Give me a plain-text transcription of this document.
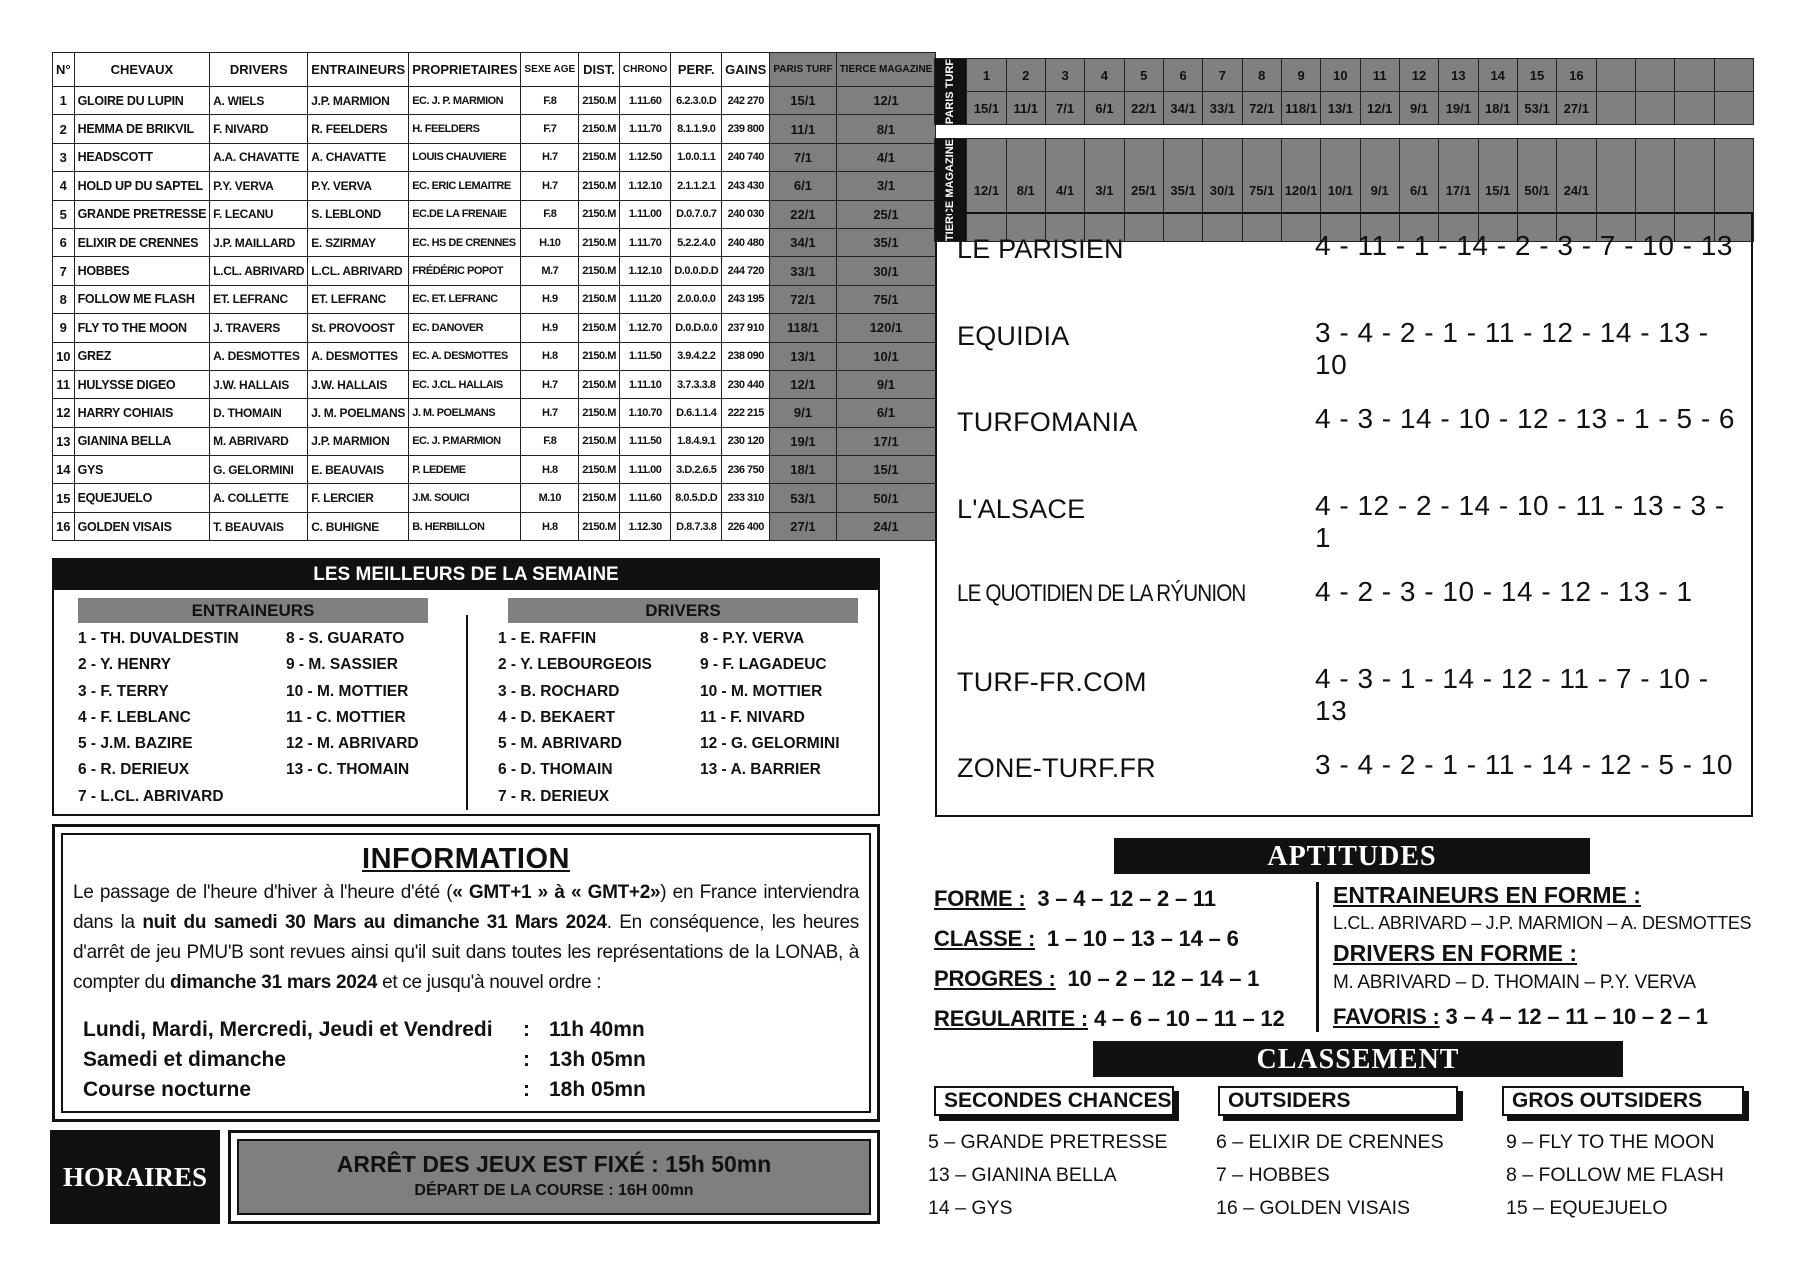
N°	CHEVAUX	DRIVERS	ENTRAINEURS	PROPRIETAIRES	SEXE AGE	DIST.	CHRONO	PERF.	GAINS	PARIS TURF	TIERCE MAGAZINE
1	GLOIRE DU LUPIN	A. WIELS	J.P. MARMION	EC. J. P. MARMION	F.8	2150.M	1.11.60	6.2.3.0.D	242 270	15/1	12/1
2	HEMMA DE BRIKVIL	F. NIVARD	R. FEELDERS	H. FEELDERS	F.7	2150.M	1.11.70	8.1.1.9.0	239 800	11/1	8/1
3	HEADSCOTT	A.A. CHAVATTE	A. CHAVATTE	LOUIS CHAUVIERE	H.7	2150.M	1.12.50	1.0.0.1.1	240 740	7/1	4/1
4	HOLD UP DU SAPTEL	P.Y. VERVA	P.Y. VERVA	EC. ERIC LEMAITRE	H.7	2150.M	1.12.10	2.1.1.2.1	243 430	6/1	3/1
5	GRANDE PRETRESSE	F. LECANU	S. LEBLOND	EC.DE LA FRENAIE	F.8	2150.M	1.11.00	D.0.7.0.7	240 030	22/1	25/1
6	ELIXIR DE CRENNES	J.P. MAILLARD	E. SZIRMAY	EC. HS DE CRENNES	H.10	2150.M	1.11.70	5.2.2.4.0	240 480	34/1	35/1
7	HOBBES	L.CL. ABRIVARD	L.CL. ABRIVARD	FRÉDÉRIC POPOT	M.7	2150.M	1.12.10	D.0.0.D.D	244 720	33/1	30/1
8	FOLLOW ME FLASH	ET. LEFRANC	ET. LEFRANC	EC. ET. LEFRANC	H.9	2150.M	1.11.20	2.0.0.0.0	243 195	72/1	75/1
9	FLY TO THE MOON	J. TRAVERS	St. PROVOOST	EC. DANOVER	H.9	2150.M	1.12.70	D.0.D.0.0	237 910	118/1	120/1
10	GREZ	A. DESMOTTES	A. DESMOTTES	EC. A. DESMOTTES	H.8	2150.M	1.11.50	3.9.4.2.2	238 090	13/1	10/1
11	HULYSSE DIGEO	J.W. HALLAIS	J.W. HALLAIS	EC. J.CL. HALLAIS	H.7	2150.M	1.11.10	3.7.3.3.8	230 440	12/1	9/1
12	HARRY COHIAIS	D. THOMAIN	J. M. POELMANS	J. M. POELMANS	H.7	2150.M	1.10.70	D.6.1.1.4	222 215	9/1	6/1
13	GIANINA BELLA	M. ABRIVARD	J.P. MARMION	EC. J. P.MARMION	F.8	2150.M	1.11.50	1.8.4.9.1	230 120	19/1	17/1
14	GYS	G. GELORMINI	E. BEAUVAIS	P. LEDEME	H.8	2150.M	1.11.00	3.D.2.6.5	236 750	18/1	15/1
15	EQUEJUELO	A. COLLETTE	F. LERCIER	J.M. SOUICI	M.10	2150.M	1.11.60	8.0.5.D.D	233 310	53/1	50/1
16	GOLDEN VISAIS	T. BEAUVAIS	C. BUHIGNE	B. HERBILLON	H.8	2150.M	1.12.30	D.8.7.3.8	226 400	27/1	24/1
LES MEILLEURS DE LA SEMAINE
ENTRAINEURS
1 - TH. DUVALDESTIN
2 - Y. HENRY
3 - F. TERRY
4 - F. LEBLANC
5 - J.M. BAZIRE
6 - R. DERIEUX
7 - L.CL. ABRIVARD
8 - S. GUARATO
9 - M. SASSIER
10 - M. MOTTIER
11 - C. MOTTIER
12 - M. ABRIVARD
13 - C. THOMAIN
DRIVERS
1 - E. RAFFIN
2 - Y. LEBOURGEOIS
3 - B. ROCHARD
4 - D. BEKAERT
5 - M. ABRIVARD
6 - D. THOMAIN
7 - R. DERIEUX
8 - P.Y. VERVA
9 - F. LAGADEUC
10 - M. MOTTIER
11 - F. NIVARD
12 - G. GELORMINI
13 - A. BARRIER
INFORMATION

Le passage de l'heure d'hiver à l'heure d'été (« GMT+1 » à « GMT+2») en France interviendra dans la nuit du samedi 30 Mars au dimanche 31 Mars 2024. En conséquence, les heures d'arrêt de jeu PMU'B sont revues ainsi qu'il suit dans toutes les représentations de la LONAB, à compter du dimanche 31 mars 2024 et ce jusqu'à nouvel ordre :

Lundi, Mardi, Mercredi, Jeudi et Vendredi	:	11h 40mn
Samedi et dimanche	:	13h 05mn
Course nocturne	:	18h 05mn
HORAIRES	ARRÊT DES JEUX EST FIXÉ : 15h 50mn
DÉPART DE LA COURSE : 16H 00mn
PARIS TURF	1	2	3	4	5	6	7	8	9	10	11	12	13	14	15	16				
	15/1	11/1	7/1	6/1	22/1	34/1	33/1	72/1	118/1	13/1	12/1	9/1	19/1	18/1	53/1	27/1				
TIERCE MAGAZINE	12/1	8/1	4/1	3/1	25/1	35/1	30/1	75/1	120/1	10/1	9/1	6/1	17/1	15/1	50/1	24/1				
LE PARISIEN	4 - 11 - 1 - 14 - 2 - 3 - 7 - 10 - 13
EQUIDIA	3 - 4 - 2 - 1 - 11 - 12 - 14 - 13 - 10
TURFOMANIA	4 - 3 - 14 - 10 - 12 - 13 - 1 - 5 - 6
L'ALSACE	4 - 12 - 2 - 14 - 10 - 11 - 13 - 3 - 1
LE QUOTIDIEN DE LA RÝUNION 4 - 2 - 3 - 10 - 14 - 12 - 13 - 1
TURF-FR.COM	4 - 3 - 1 - 14 - 12 - 11 - 7 - 10 - 13
ZONE-TURF.FR	3 - 4 - 2 - 1 - 11 - 14 - 12 - 5 - 10
APTITUDES
FORME : 3 – 4 – 12 – 2 – 11
CLASSE : 1 – 10 – 13 – 14 – 6
PROGRES : 10 – 2 – 12 – 14 – 1
REGULARITE : 4 – 6 – 10 – 11 – 12
ENTRAINEURS EN FORME :
L.CL. ABRIVARD – J.P. MARMION – A. DESMOTTES
DRIVERS EN FORME :
M. ABRIVARD – D. THOMAIN – P.Y. VERVA
FAVORIS : 3 – 4 – 12 – 11 – 10 – 2 – 1
CLASSEMENT
SECONDES CHANCES
5 – GRANDE PRETRESSE
13 – GIANINA BELLA
14 – GYS
OUTSIDERS
6 – ELIXIR DE CRENNES
7 – HOBBES
16 – GOLDEN VISAIS
GROS OUTSIDERS
9 – FLY TO THE MOON
8 – FOLLOW ME FLASH
15 – EQUEJUELO
